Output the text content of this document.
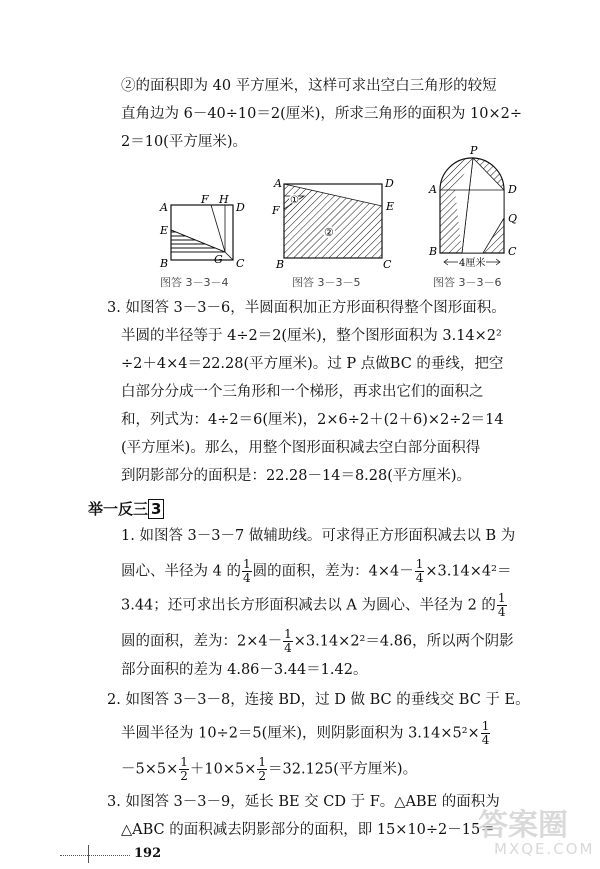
②的面积即为 40 平方厘米，这样可求出空白三角形的较短
直角边为 6－40÷10＝2(厘米)，所求三角形的面积为 10×2÷
2＝10(平方厘米)。
A
F H
D
E
B	G C
图答 3－3－4
①
②
A	D
F	E
B	C
图答 3－3－5
4厘米
P
A	D
Q
B	C
图答 3－3－6
3. 如图答 3－3－6，半圆面积加正方形面积得整个图形面积。
半圆的半径等于 4÷2＝2(厘米)，整个图形面积为 3.14×2²
÷2＋4×4＝22.28(平方厘米)。过 P 点做BC 的垂线，把空
白部分分成一个三角形和一个梯形，再求出它们的面积之
和，列式为：4÷2＝6(厘米)，2×6÷2＋(2＋6)×2÷2＝14
(平方厘米)。那么，用整个图形面积减去空白部分面积得
到阴影部分的面积是：22.28－14＝8.28(平方厘米)。
举一反三 3
1. 如图答 3－3－7 做辅助线。可求得正方形面积减去以 B 为
圆心、半径为 4 的 $\frac{1}{4}$ 圆的面积，差为：$4\times 4- \frac{1}{4} \times 3.14\times 4^2=$
3.44；还可求出长方形面积减去以 A 为圆心、半径为 2 的 $\frac{1}{4}$
圆的面积，差为：$2\times 4- \frac{1}{4} \times 3.14\times 2^2=4.86$，所以两个阴影
部分面积的差为 4.86－3.44＝1.42。
2. 如图答 3－3－8，连接 BD，过 D 做 BC 的垂线交 BC 于 E。
半圆半径为 10÷2＝5(厘米)，则阴影面积为 $3.14\times 5^2\times \frac{1}{4}$
$-5\times 5\times \frac{1}{2} +10\times 5\times \frac{1}{2} =32.125$(平方厘米)。
3. 如图答 3－3－9，延长 BE 交 CD 于 F。△ABE 的面积为
△ABC 的面积减去阴影部分的面积，即 15×10÷2－15＝
192
答案圈
MXQE.COM
